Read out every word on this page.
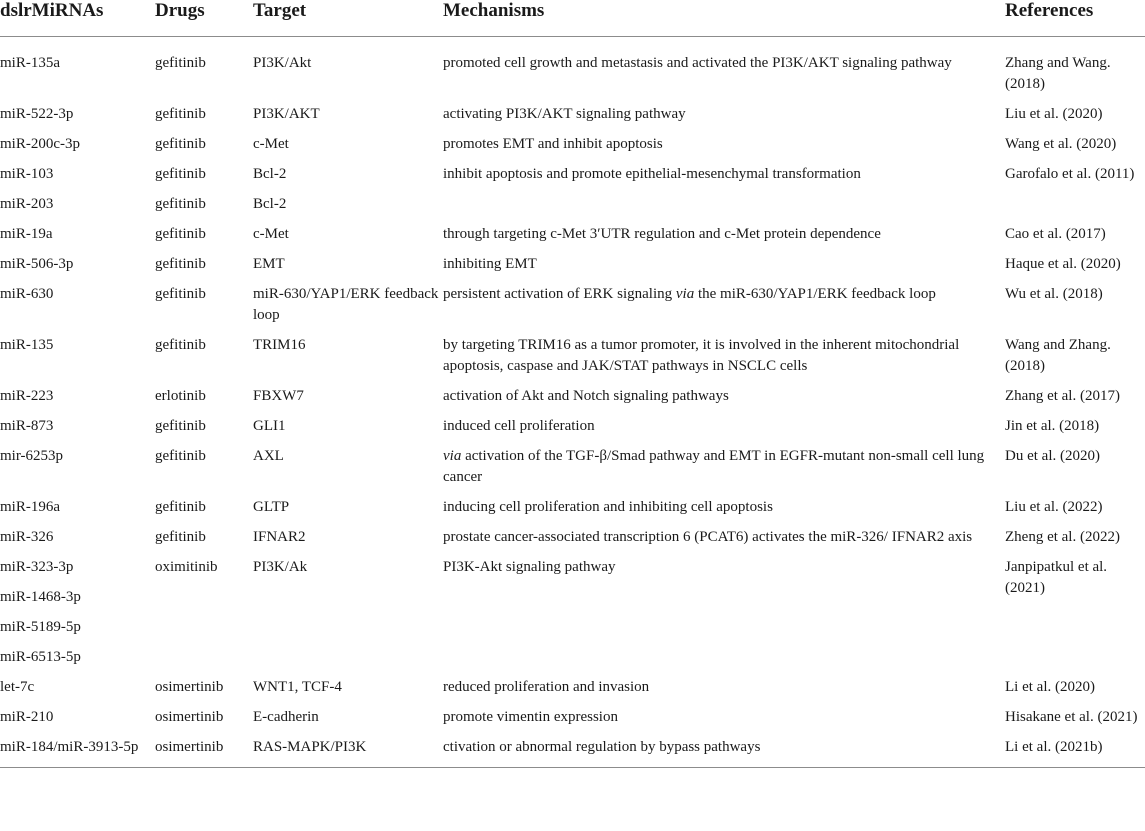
dslrMiRNAs	Drugs	Target	Mechanisms	References
miR-135a	gefitinib	PI3K/Akt	promoted cell growth and metastasis and activated the PI3K/AKT signaling pathway	Zhang and Wang. (2018)
miR-522-3p	gefitinib	PI3K/AKT	activating PI3K/AKT signaling pathway	Liu et al. (2020)
miR-200c-3p	gefitinib	c-Met	promotes EMT and inhibit apoptosis	Wang et al. (2020)
miR-103	gefitinib	Bcl-2	inhibit apoptosis and promote epithelial-mesenchymal transformation	Garofalo et al. (2011)
miR-203	gefitinib	Bcl-2		
miR-19a	gefitinib	c-Met	through targeting c-Met 3′UTR regulation and c-Met protein dependence	Cao et al. (2017)
miR-506-3p	gefitinib	EMT	inhibiting EMT	Haque et al. (2020)
miR-630	gefitinib	miR-630/YAP1/ERK feedback loop	persistent activation of ERK signaling via the miR-630/YAP1/ERK feedback loop	Wu et al. (2018)
miR-135	gefitinib	TRIM16	by targeting TRIM16 as a tumor promoter, it is involved in the inherent mitochondrial apoptosis, caspase and JAK/STAT pathways in NSCLC cells	Wang and Zhang. (2018)
miR-223	erlotinib	FBXW7	activation of Akt and Notch signaling pathways	Zhang et al. (2017)
miR-873	gefitinib	GLI1	induced cell proliferation	Jin et al. (2018)
mir-6253p	gefitinib	AXL	via activation of the TGF-β/Smad pathway and EMT in EGFR-mutant non-small cell lung cancer	Du et al. (2020)
miR-196a	gefitinib	GLTP	inducing cell proliferation and inhibiting cell apoptosis	Liu et al. (2022)
miR-326	gefitinib	IFNAR2	prostate cancer-associated transcription 6 (PCAT6) activates the miR-326/ IFNAR2 axis	Zheng et al. (2022)
miR-323-3p	oximitinib	PI3K/Ak	PI3K-Akt signaling pathway	Janpipatkul et al. (2021)
miR-1468-3p				
miR-5189-5p				
miR-6513-5p				
let-7c	osimertinib	WNT1, TCF-4	reduced proliferation and invasion	Li et al. (2020)
miR-210	osimertinib	E-cadherin	promote vimentin expression	Hisakane et al. (2021)
miR-184/miR-3913-5p	osimertinib	RAS-MAPK/PI3K	ctivation or abnormal regulation by bypass pathways	Li et al. (2021b)
